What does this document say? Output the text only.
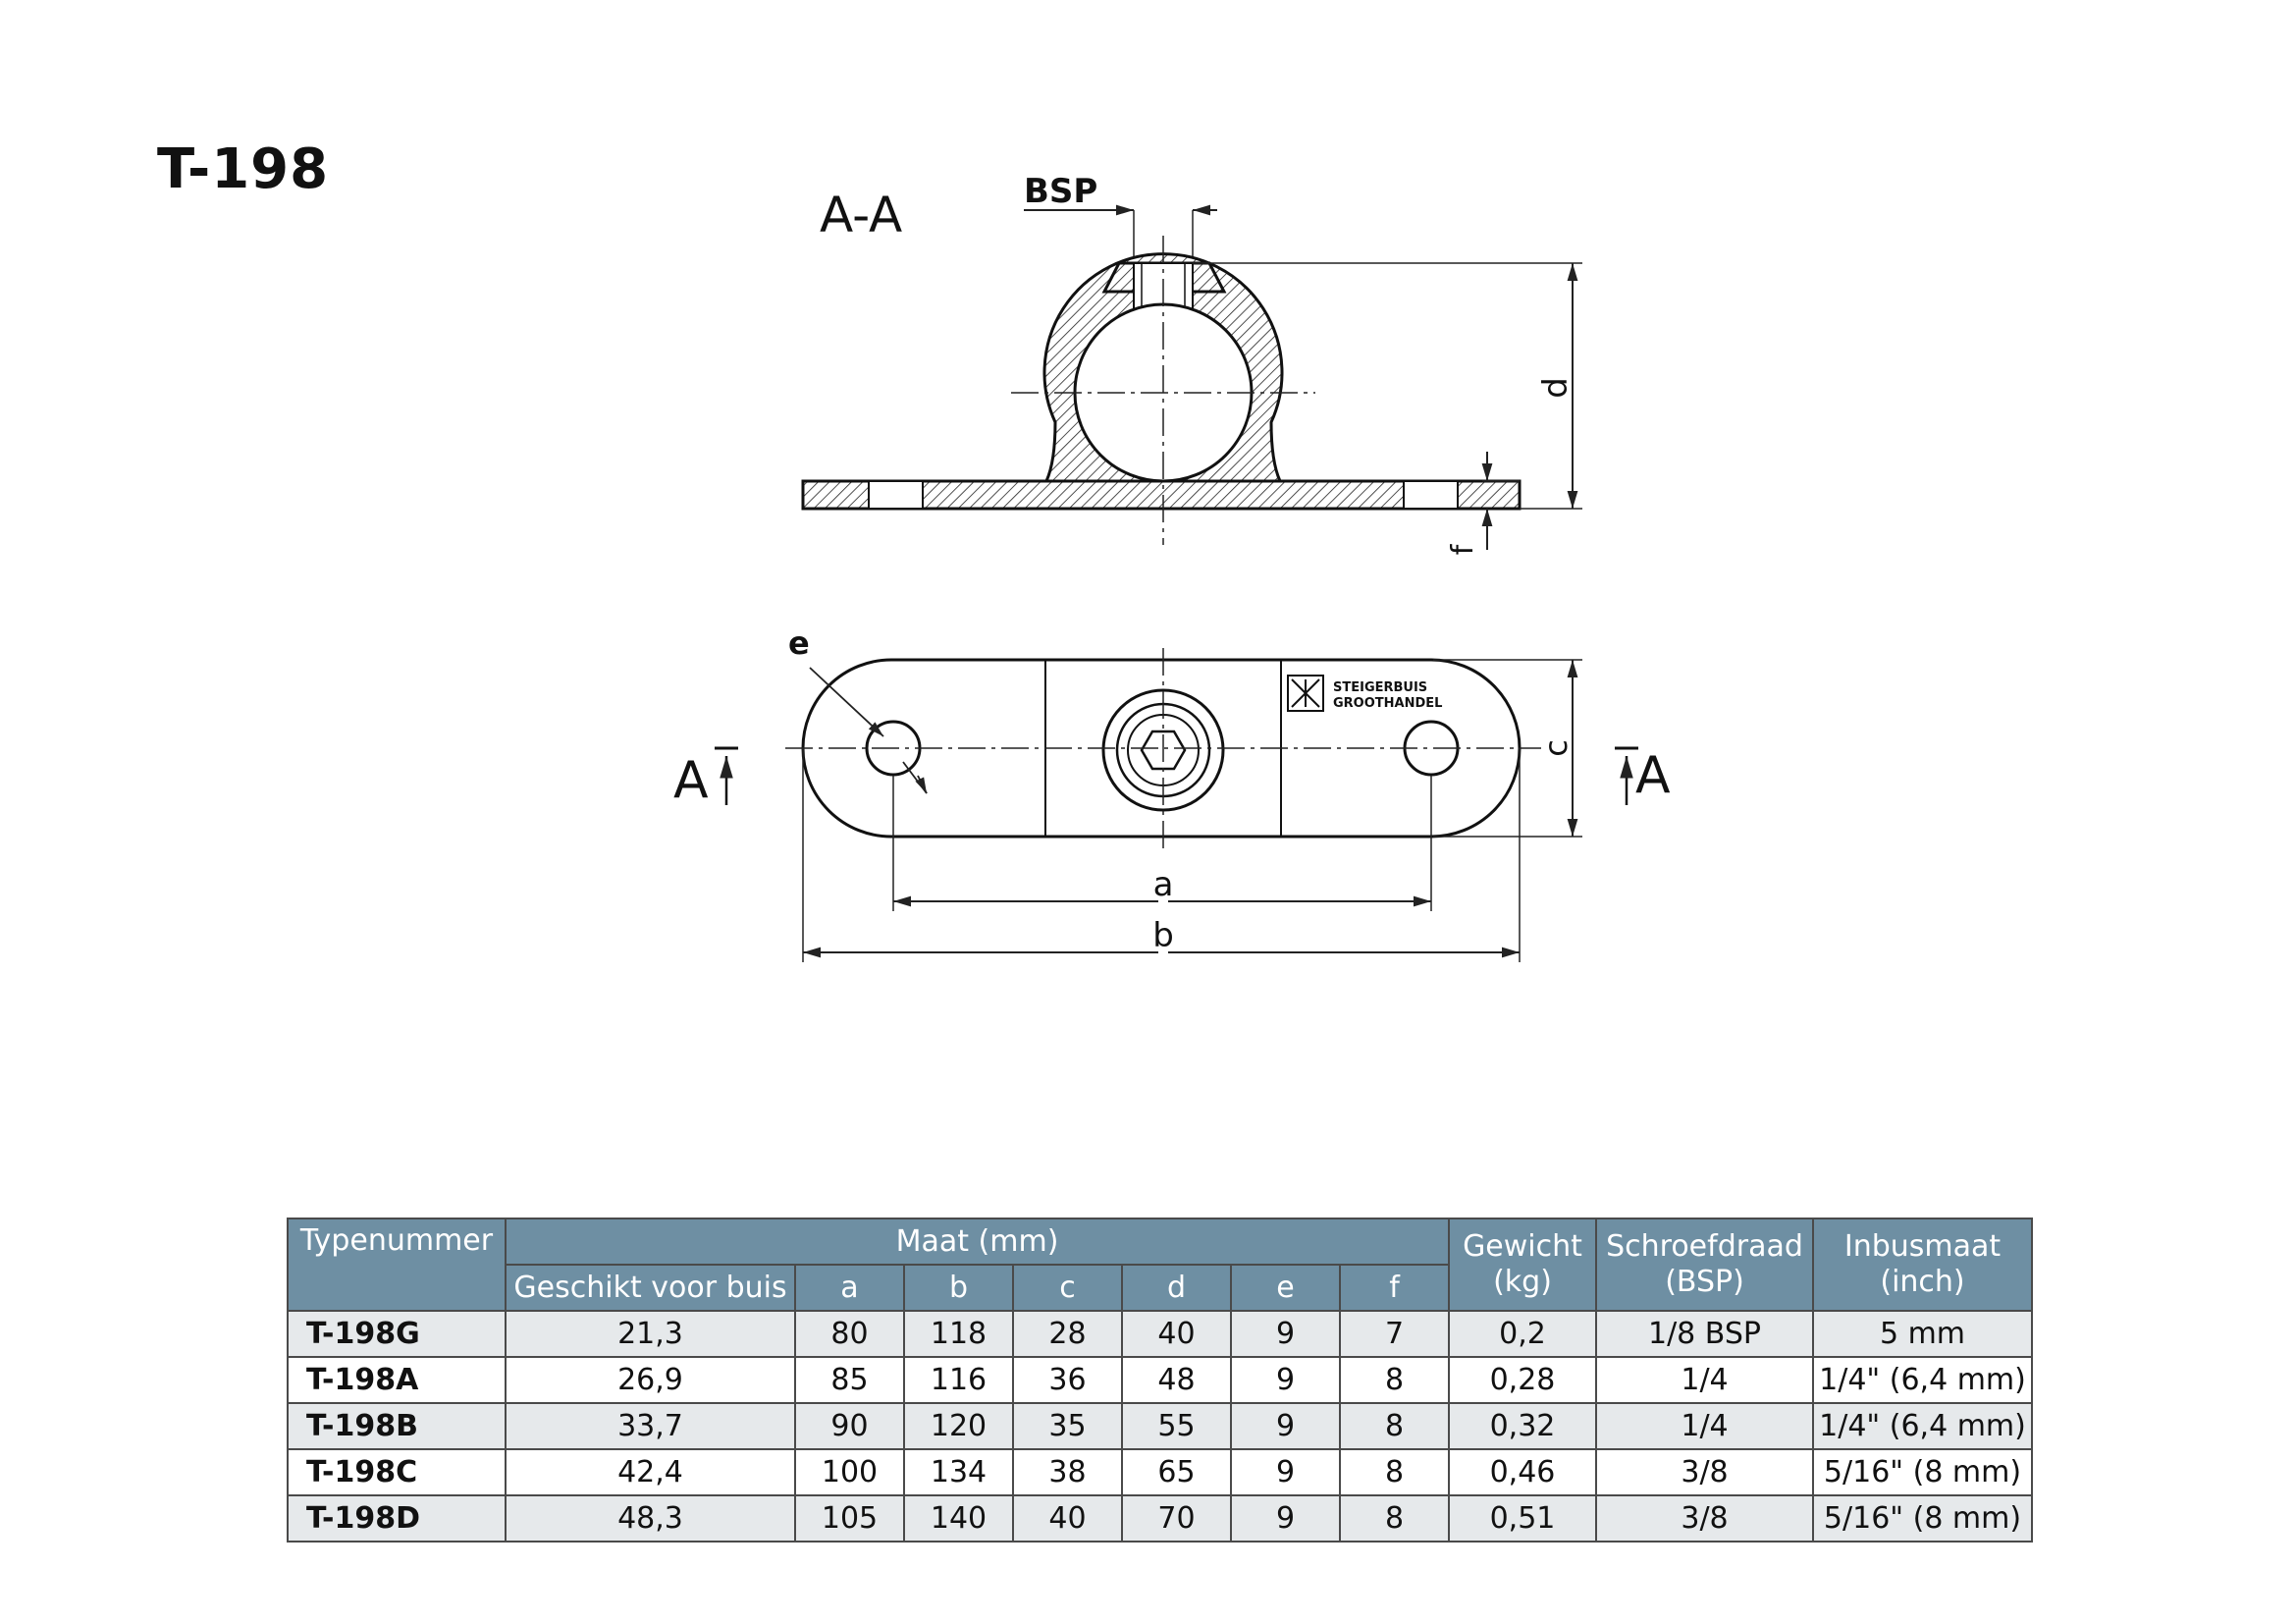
T-198
A-A	BSP
d
f
STEIGERBUIS
GROOTHANDEL
e
c
a
b
A	A
Typenummer	Maat (mm)							Gewicht (kg)	Schroefdraad (BSP)	Inbusmaat (inch)
	Geschikt voor buis	a	b	c	d	e	f			
T-198G	21,3	80	118	28	40	9	7	0,2	1/8 BSP	5 mm
T-198A	26,9	85	116	36	48	9	8	0,28	1/4	1/4" (6,4 mm)
T-198B	33,7	90	120	35	55	9	8	0,32	1/4	1/4" (6,4 mm)
T-198C	42,4	100	134	38	65	9	8	0,46	3/8	5/16" (8 mm)
T-198D	48,3	105	140	40	70	9	8	0,51	3/8	5/16" (8 mm)
